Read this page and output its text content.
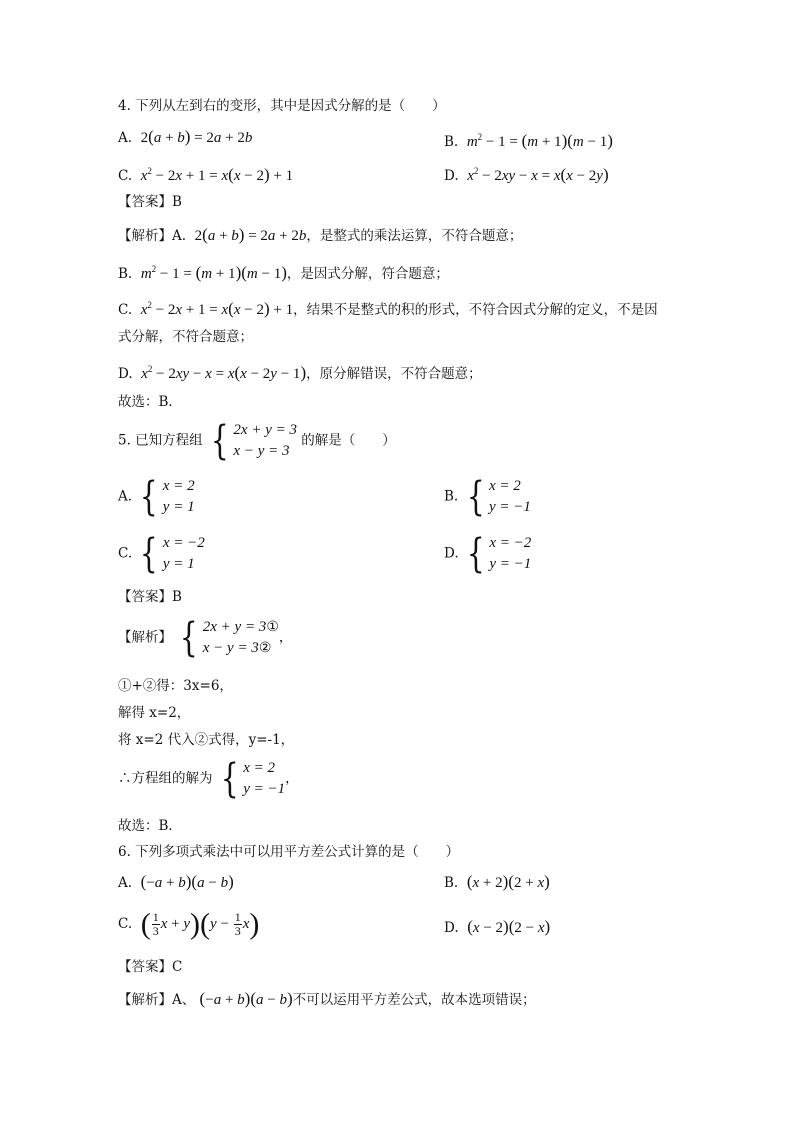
4. 下列从左到右的变形，其中是因式分解的是（　　）
A. 2(a + b) = 2a + 2b	B. $m^2 - 1 = (m + 1)(m - 1)$
C. $x^2 - 2x + 1 = x(x - 2) + 1$	D. $x^2 - 2xy - x = x(x - 2y)$
【答案】B
【解析】A. 2(a + b) = 2a + 2b，是整式的乘法运算，不符合题意；
B. $m^2 - 1 = (m + 1)(m - 1)$，是因式分解，符合题意；
C. $x^2 - 2x + 1 = x(x - 2) + 1$，结果不是整式的积的形式，不符合因式分解的定义，不是因
式分解，不符合题意；
D. $x^2 - 2xy - x = x(x - 2y - 1)$，原分解错误，不符合题意；
故选：B．
5. 已知方程组 { 2x + y = 3
x − y = 3
的解是（　　）
A. { x = 2
y = 1
B. { x = 2
y = −1
C. { x = −2
y = 1
D. { x = −2
y = −1
【答案】B
【解析】 { 2x + y = 3①
x − y = 3②
，
①+②得：3x=6，
解得 x=2，
将 x=2 代入②式得，y=-1，
∴方程组的解为 { x = 2
y = −1
，
故选：B．
6. 下列多项式乘法中可以用平方差公式计算的是（　　）
A. (−a + b)(a − b)	B. (x + 2)(2 + x)
C. ( $\frac{1}{3}$ $x + y)(y - \frac{1}{3} x)$	D. (x − 2)(2 − x)
【答案】C
【解析】A、 (−a + b)(a − b)不可以运用平方差公式，故本选项错误；
